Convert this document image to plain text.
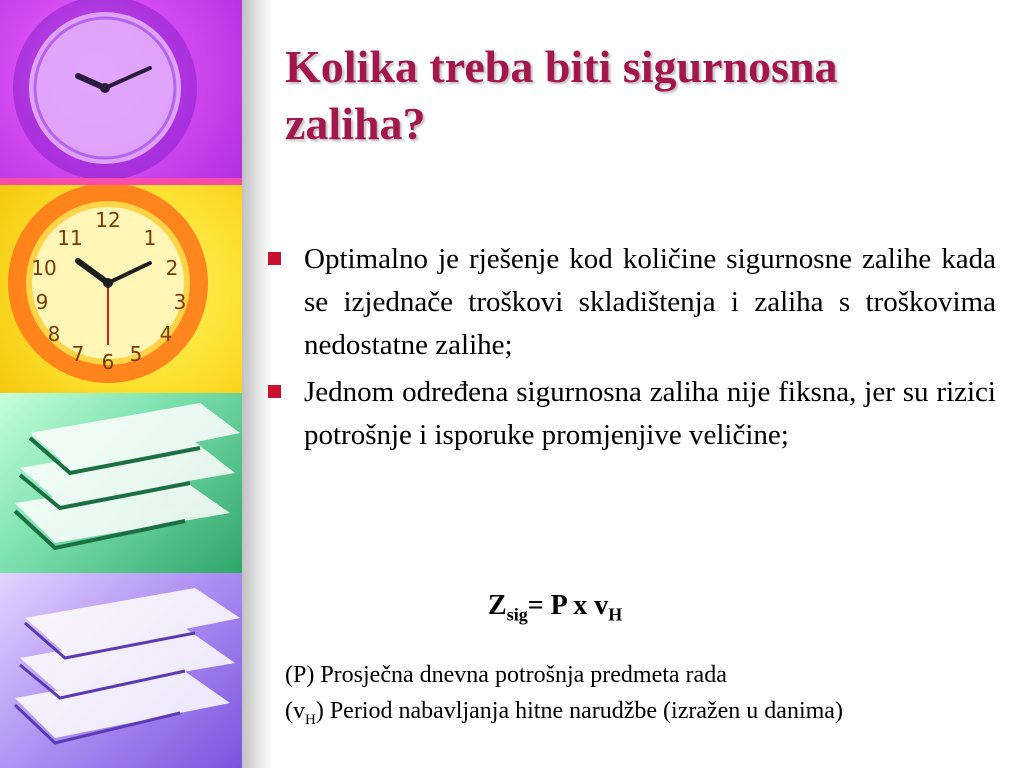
12
1
2
3
4
5
6
7
8
9
10
11
Kolika treba biti sigurnosna zaliha?
Optimalno je rješenje kod količine sigurnosne zalihe kada se izjednače troškovi skladištenja i zaliha s troškovima nedostatne zalihe;
Jednom određena sigurnosna zaliha nije fiksna, jer su rizici potrošnje i isporuke promjenjive veličine;
$Z_{sig}= P$ x $v_H$
(P) Prosječna dnevna potrošnja predmeta rada
$(v_H)$ Period nabavljanja hitne narudžbe (izražen u danima)
